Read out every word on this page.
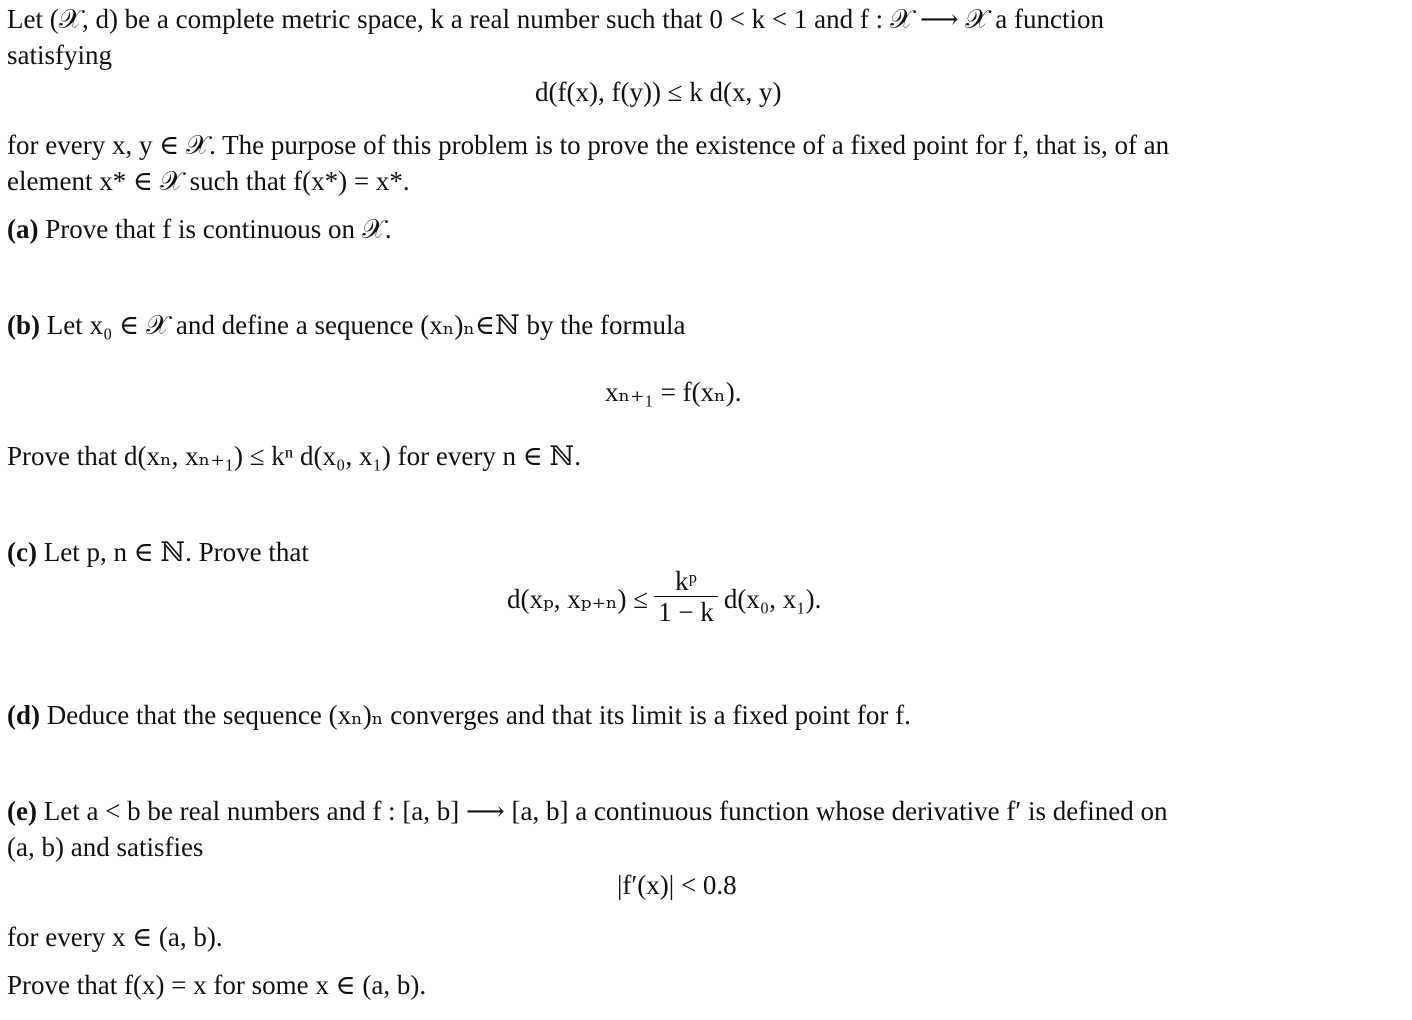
Let (𝒳, d) be a complete metric space, k a real number such that 0 < k < 1 and f : 𝒳 ⟶ 𝒳 a function
satisfying
d(f(x), f(y)) ≤ k d(x, y)
for every x, y ∈ 𝒳. The purpose of this problem is to prove the existence of a fixed point for f, that is, of an
element x* ∈ 𝒳 such that f(x*) = x*.
(a) Prove that f is continuous on 𝒳.
(b) Let x₀ ∈ 𝒳 and define a sequence (xₙ)ₙ∈ℕ by the formula
xₙ₊₁ = f(xₙ).
Prove that d(xₙ, xₙ₊₁) ≤ kⁿ d(x₀, x₁) for every n ∈ ℕ.
(c) Let p, n ∈ ℕ. Prove that
d(xₚ, $x_{p+n}) \le \frac{\text{kᵖ}}{1 - k} d(x_0$, x₁).
(d) Deduce that the sequence (xₙ)ₙ converges and that its limit is a fixed point for f.
(e) Let a < b be real numbers and f : [a, b] ⟶ [a, b] a continuous function whose derivative f′ is defined on
(a, b) and satisfies
|f′(x)| < 0.8
for every x ∈ (a, b).
Prove that f(x) = x for some x ∈ (a, b).
